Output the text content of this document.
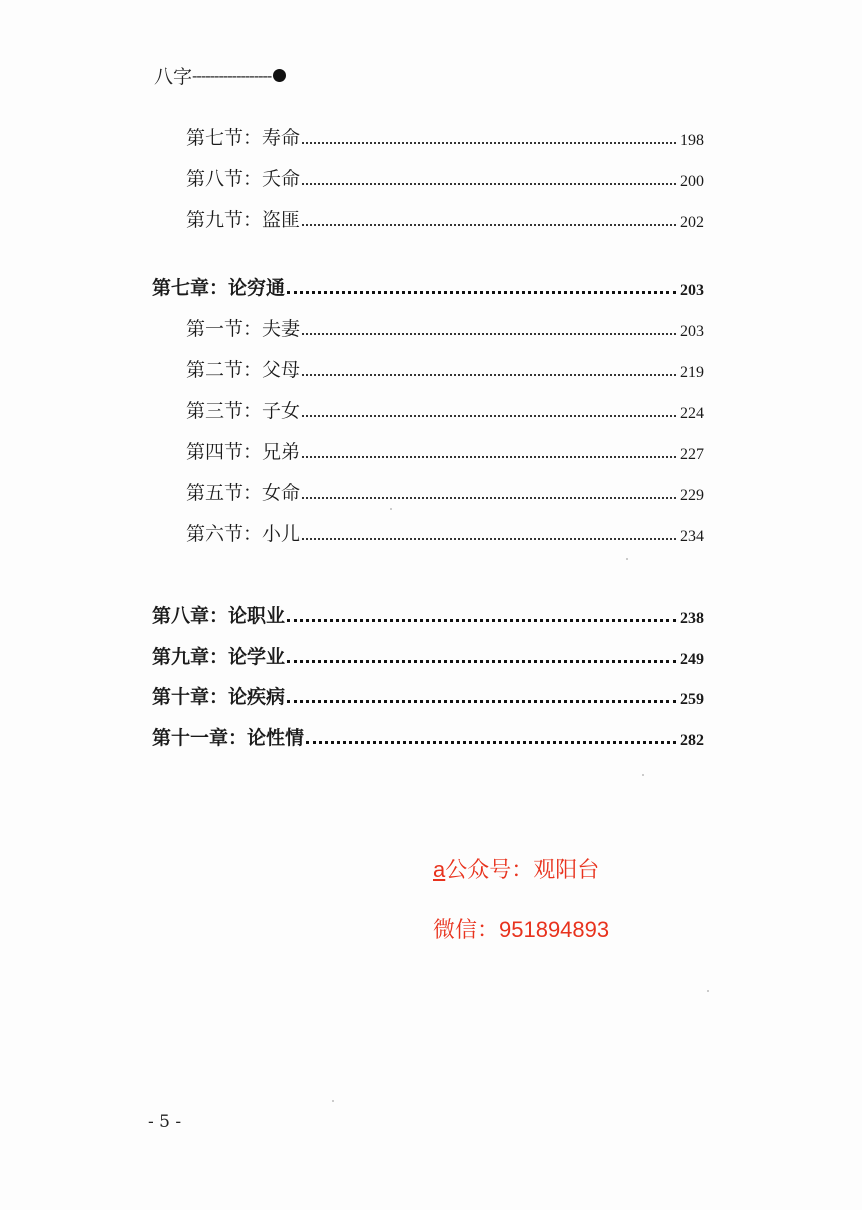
八字 ------------------
第七节：寿命	198
第八节：夭命	200
第九节：盗匪	202
第七章：论穷通	203
第一节：夫妻	203
第二节：父母	219
第三节：子女	224
第四节：兄弟	227
第五节：女命	229
第六节：小儿	234
第八章：论职业	238
第九章：论学业	249
第十章：论疾病	259
第十一章：论性情	282
a公众号：观阳台
微信：951894893
- 5 -
